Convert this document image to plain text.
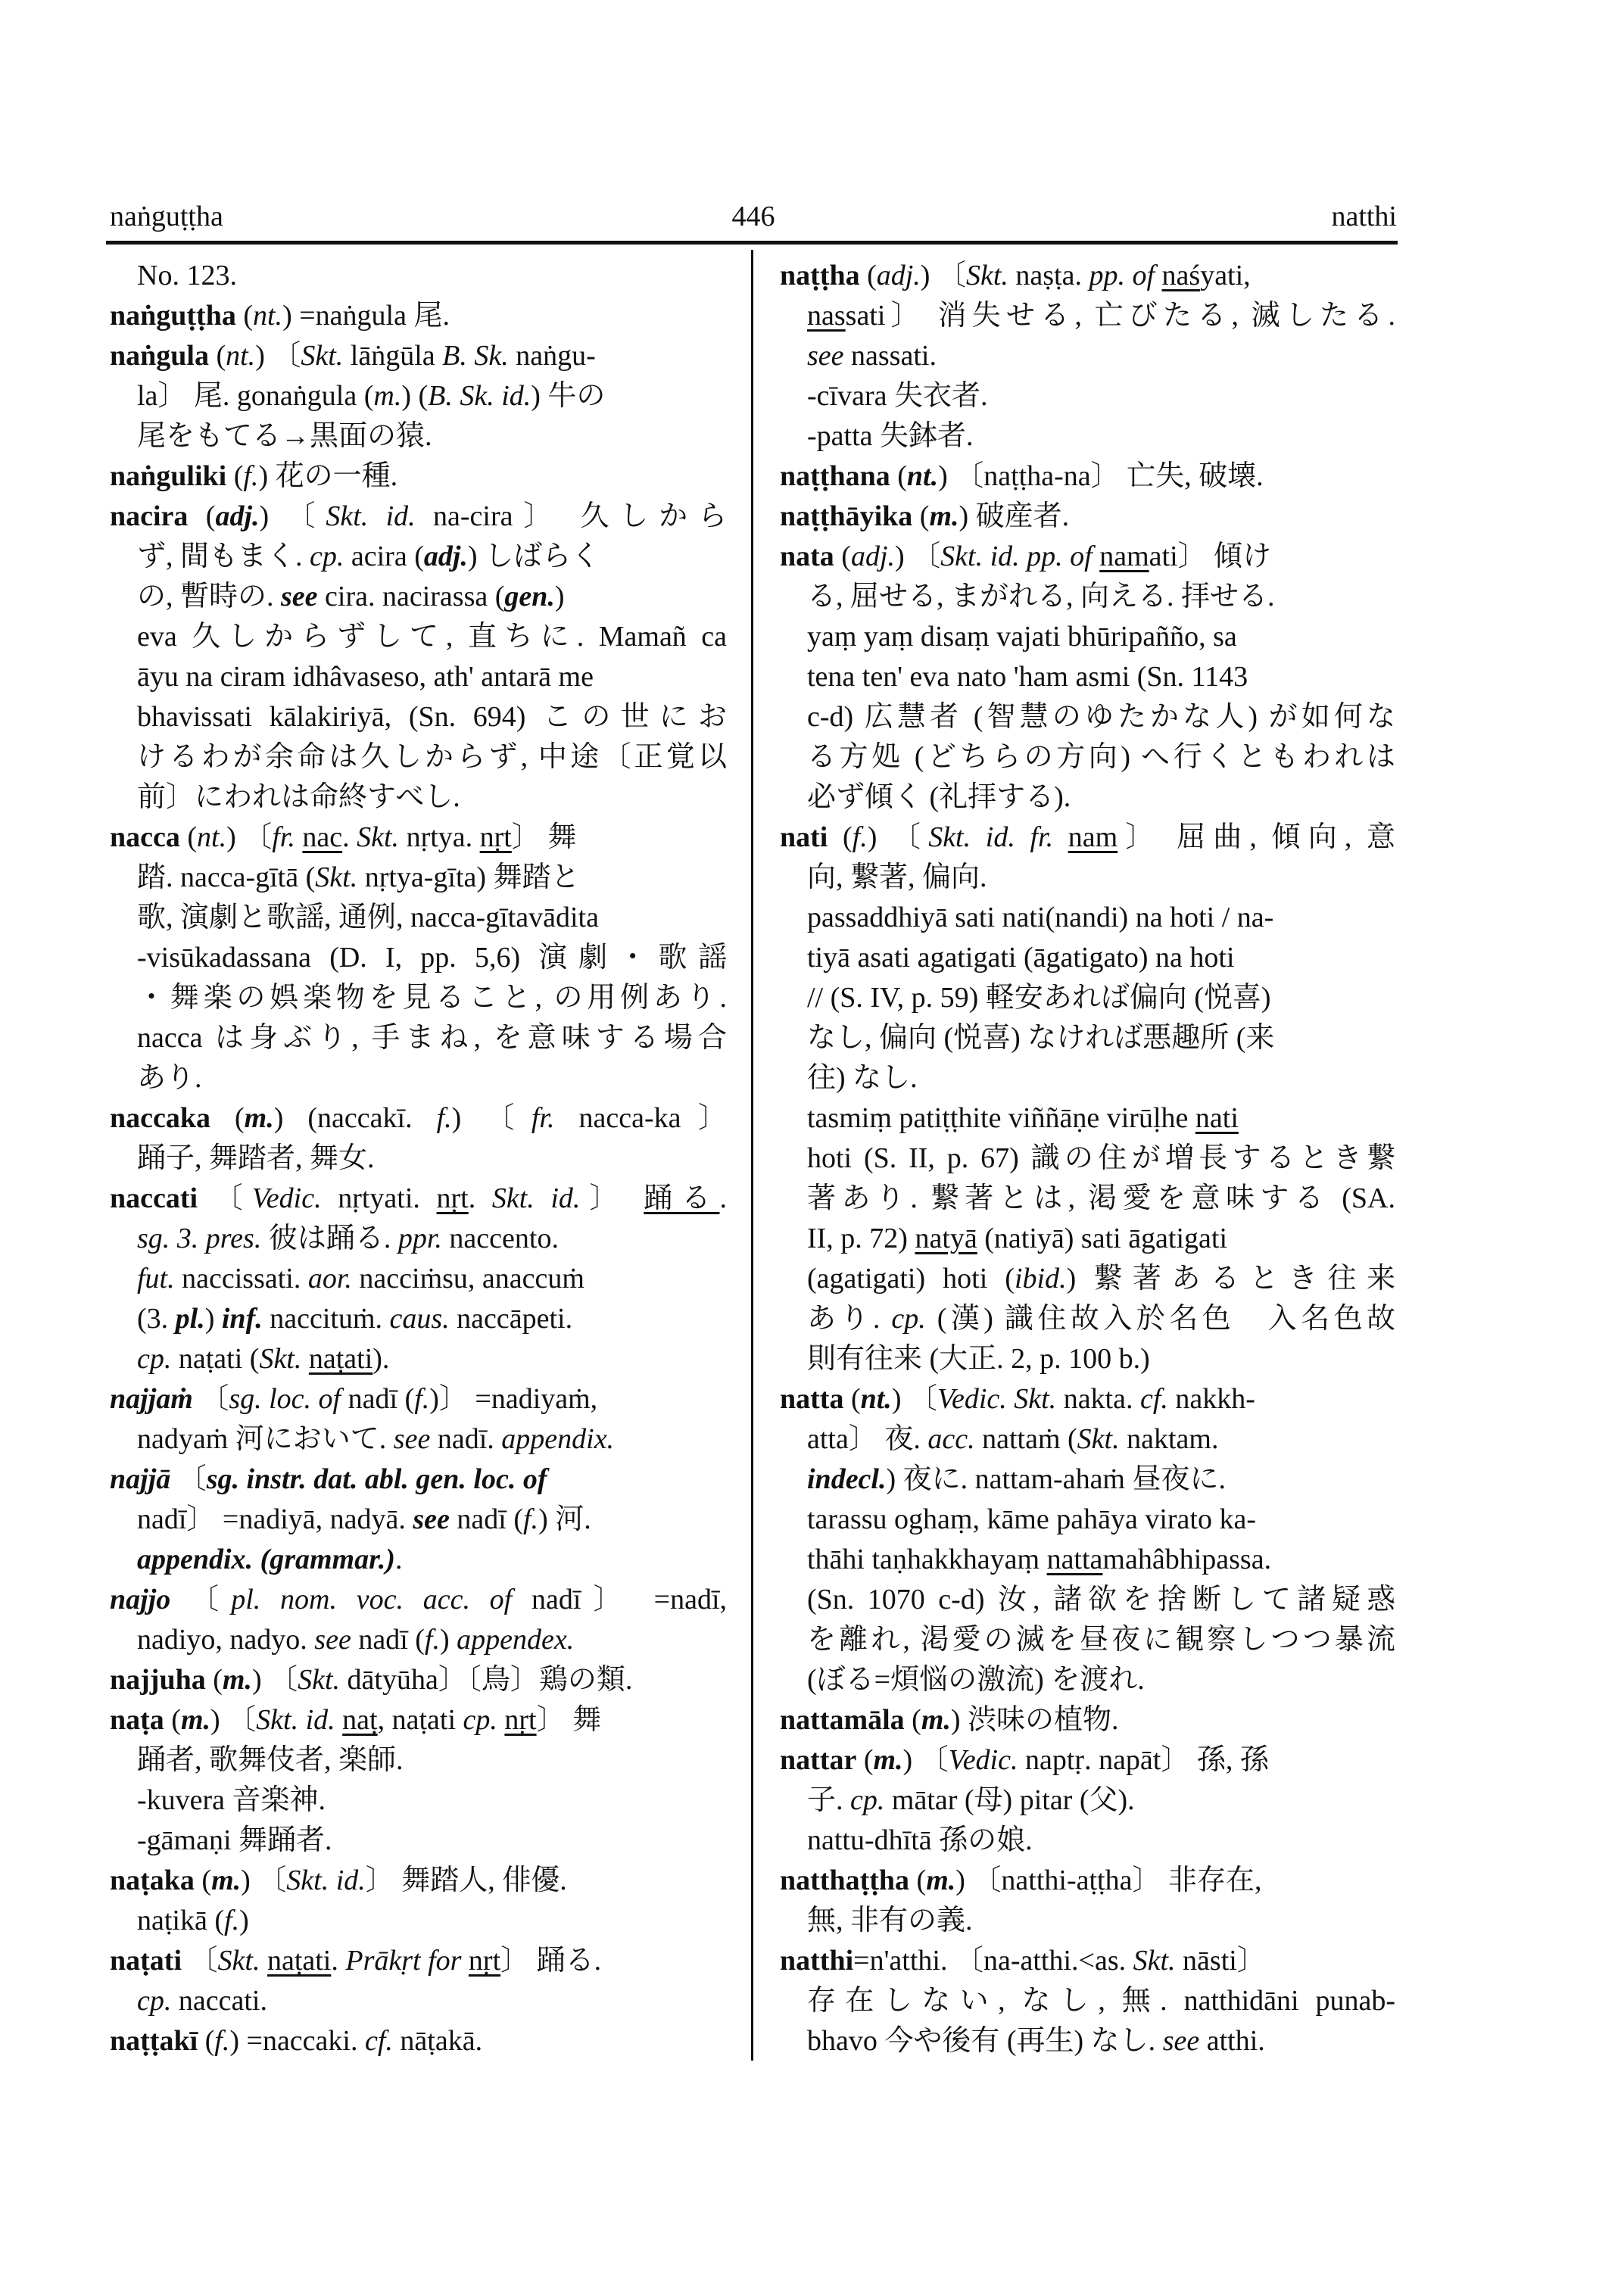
naṅguṭṭha	446	natthi
No. 123.
naṅguṭṭha (nt.) =naṅgula 尾.
naṅgula (nt.) 〔Skt. lāṅgūla B. Sk. naṅgu-
la〕 尾. gonaṅgula (m.) (B. Sk. id.) 牛の
尾をもてる→黒面の猿.
naṅguliki (f.) 花の一種.
nacira (adj.) 〔Skt. id. na-cira〕 久しから
ず, 間もまく. cp. acira (adj.) しばらく
の, 暫時の. see cira. nacirassa (gen.)
eva 久しからずして, 直ちに. Mamañ ca
āyu na ciram idhâvaseso, ath' antarā me
bhavissati kālakiriyā, (Sn. 694) この世にお
けるわが余命は久しからず, 中途〔正覚以
前〕にわれは命終すべし.
nacca (nt.) 〔fr. nac. Skt. nṛtya. nṛt〕 舞
踏. nacca-gītā (Skt. nṛtya-gīta) 舞踏と
歌, 演劇と歌謡, 通例, nacca-gītavādita
-visūkadassana (D. I, pp. 5,6) 演劇・歌謡
・舞楽の娯楽物を見ること, の用例あり.
nacca は身ぶり, 手まね, を意味する場合
あり.
naccaka (m.) (naccakī. f.) 〔fr. nacca-ka〕
踊子, 舞踏者, 舞女.
naccati 〔Vedic. nṛtyati. nṛt. Skt. id.〕 踊る.
sg. 3. pres. 彼は踊る. ppr. naccento.
fut. naccissati. aor. nacciṁsu, anaccuṁ
(3. pl.) inf. naccituṁ. caus. naccāpeti.
cp. naṭati (Skt. naṭati).
najjaṁ 〔sg. loc. of nadī (f.)〕 =nadiyaṁ,
nadyaṁ 河において. see nadī. appendix.
najjā 〔sg. instr. dat. abl. gen. loc. of
nadī〕 =nadiyā, nadyā. see nadī (f.) 河.
appendix. (grammar.).
najjo 〔pl. nom. voc. acc. of nadī〕 =nadī,
nadiyo, nadyo. see nadī (f.) appendex.
najjuha (m.) 〔Skt. dātyūha〕〔鳥〕鶏の類.
naṭa (m.) 〔Skt. id. naṭ, naṭati cp. nṛt〕 舞
踊者, 歌舞伎者, 楽師.
-kuvera 音楽神.
-gāmaṇi 舞踊者.
naṭaka (m.) 〔Skt. id.〕 舞踏人, 俳優.
naṭikā (f.)
naṭati 〔Skt. naṭati. Prākṛt for nṛt〕 踊る.
cp. naccati.
naṭṭakī (f.) =naccaki. cf. nāṭakā.
naṭṭha (adj.) 〔Skt. naṣṭa. pp. of naśyati,
nassati〕 消失せる, 亡びたる, 滅したる.
see nassati.
-cīvara 失衣者.
-patta 失鉢者.
naṭṭhana (nt.) 〔naṭṭha-na〕 亡失, 破壊.
naṭṭhāyika (m.) 破産者.
nata (adj.) 〔Skt. id. pp. of namati〕 傾け
る, 屈せる, まがれる, 向える. 拝せる.
yaṃ yaṃ disaṃ vajati bhūripañño, sa
tena ten' eva nato 'ham asmi (Sn. 1143
c-d) 広慧者 (智慧のゆたかな人) が如何な
る方処 (どちらの方向) へ行くともわれは
必ず傾く (礼拝する).
nati (f.) 〔Skt. id. fr. nam〕 屈曲, 傾向, 意
向, 繋著, 偏向.
passaddhiyā sati nati(nandi) na hoti / na-
tiyā asati agatigati (āgatigato) na hoti
// (S. IV, p. 59) 軽安あれば偏向 (悦喜)
なし, 偏向 (悦喜) なければ悪趣所 (来
往) なし.
tasmiṃ patiṭṭhite viññāṇe virūḷhe nati
hoti (S. II, p. 67) 識の住が増長するとき繋
著あり. 繋著とは, 渇愛を意味する (SA.
II, p. 72) natyā (natiyā) sati āgatigati
(agatigati) hoti (ibid.) 繋著あるとき往来
あり. cp. (漢) 識住故入於名色　入名色故
則有往来 (大正. 2, p. 100 b.)
natta (nt.) 〔Vedic. Skt. nakta. cf. nakkh-
atta〕 夜. acc. nattaṁ (Skt. naktam.
indecl.) 夜に. nattam-ahaṁ 昼夜に.
tarassu oghaṃ, kāme pahāya virato ka-
thāhi taṇhakkhayaṃ nattamahâbhipassa.
(Sn. 1070 c-d) 汝, 諸欲を捨断して諸疑惑
を離れ, 渇愛の滅を昼夜に観察しつつ暴流
(ぼる=煩悩の激流) を渡れ.
nattamāla (m.) 渋味の植物.
nattar (m.) 〔Vedic. naptṛ. napāt〕 孫, 孫
子. cp. mātar (母) pitar (父).
nattu-dhītā 孫の娘.
natthaṭṭha (m.) 〔natthi-aṭṭha〕 非存在,
無, 非有の義.
natthi=n'atthi. 〔na-atthi.<as. Skt. nāsti〕
存在しない, なし, 無. natthidāni punab-
bhavo 今や後有 (再生) なし. see atthi.
